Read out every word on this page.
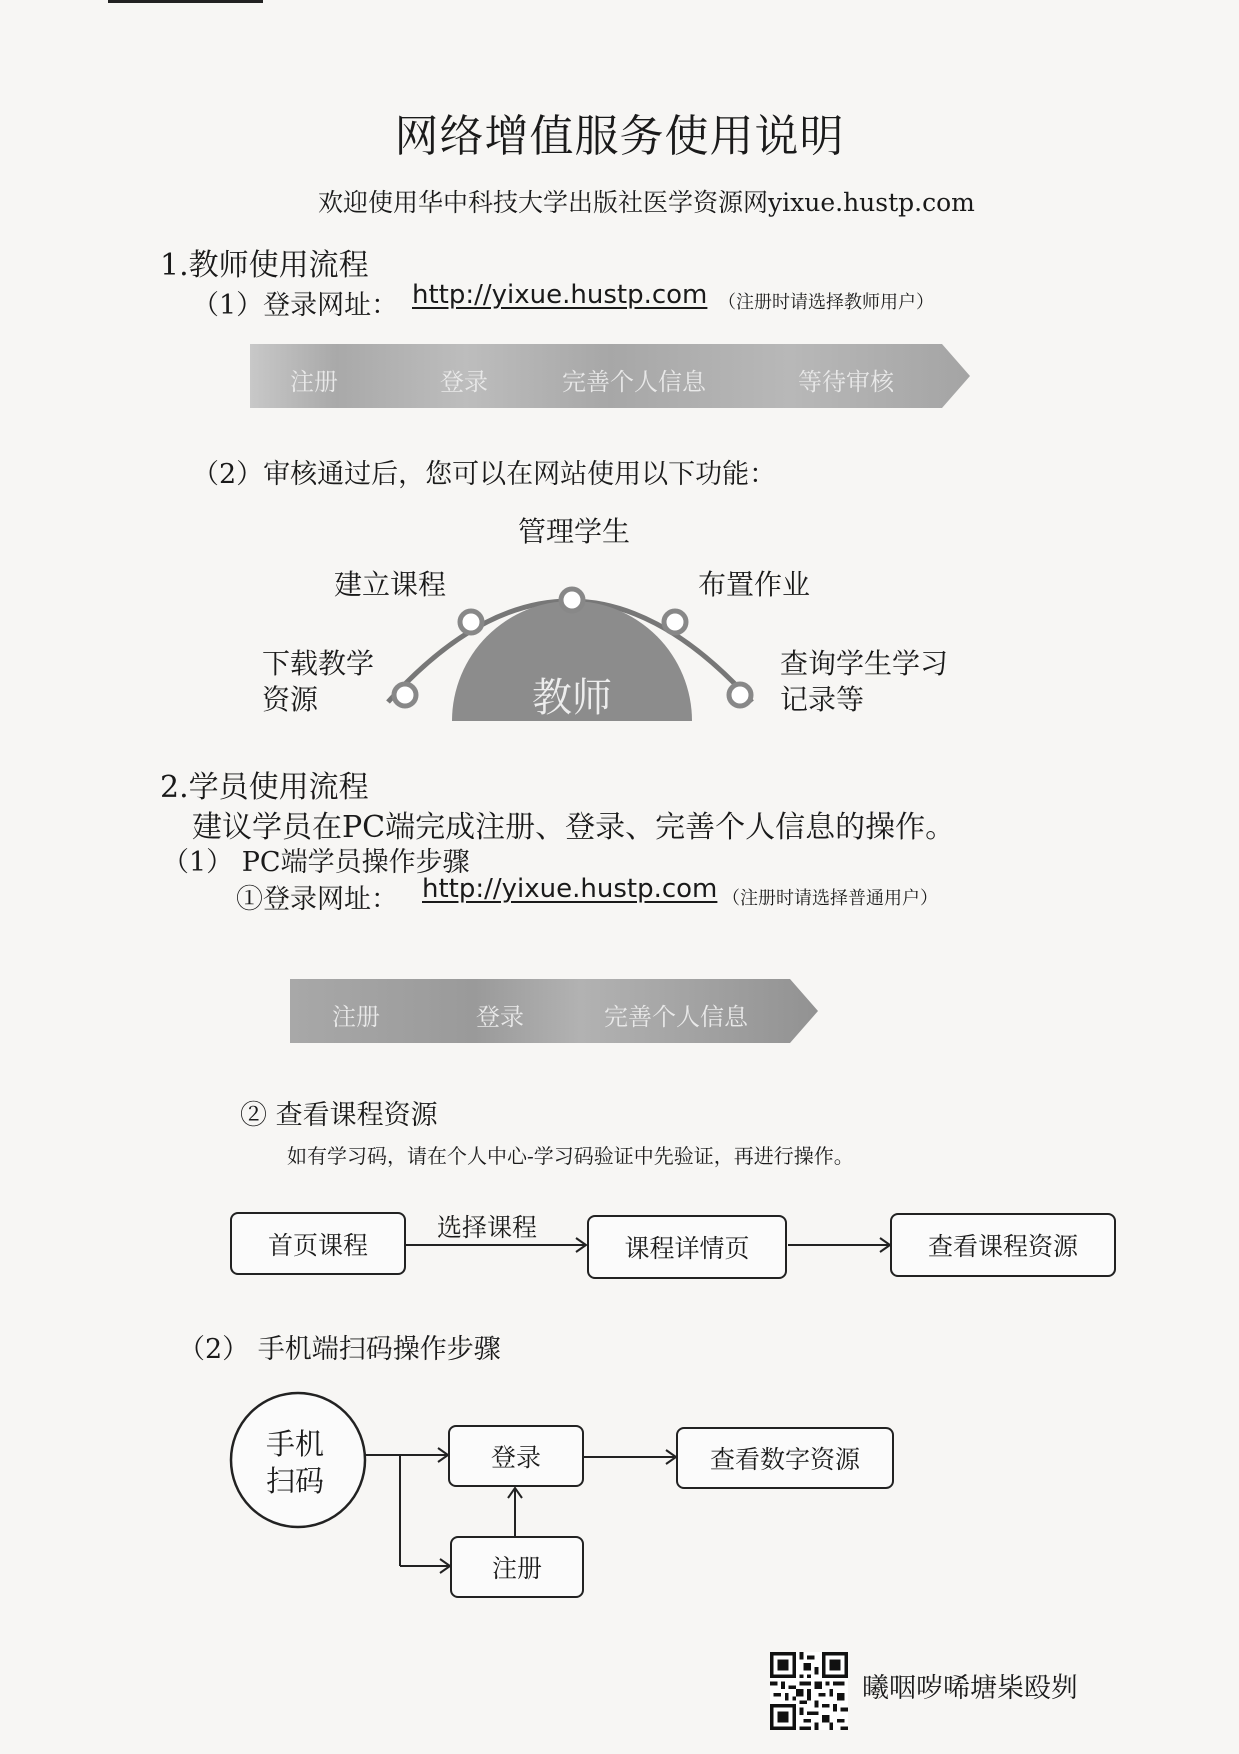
网络增值服务使用说明
欢迎使用华中科技大学出版社医学资源网yixue.hustp.com
1.教师使用流程
（1）登录网址： http://yixue.hustp.com （注册时请选择教师用户）
注册	登录	完善个人信息	等待审核
（2）审核通过后，您可以在网站使用以下功能：
教师
管理学生
建立课程	布置作业
下载教学
资源
查询学生学习
记录等
2.学员使用流程
建议学员在PC端完成注册、登录、完善个人信息的操作。
（1） PC端学员操作步骤
①登录网址： http://yixue.hustp.com （注册时请选择普通用户）
注册	登录	完善个人信息
② 查看课程资源
如有学习码，请在个人中心-学习码验证中先验证，再进行操作。
首页课程	课程详情页	查看课程资源
选择课程
（2） 手机端扫码操作步骤
手机
扫码
登录	查看数字资源
注册
曦咽哕唏塘枈殴刿
